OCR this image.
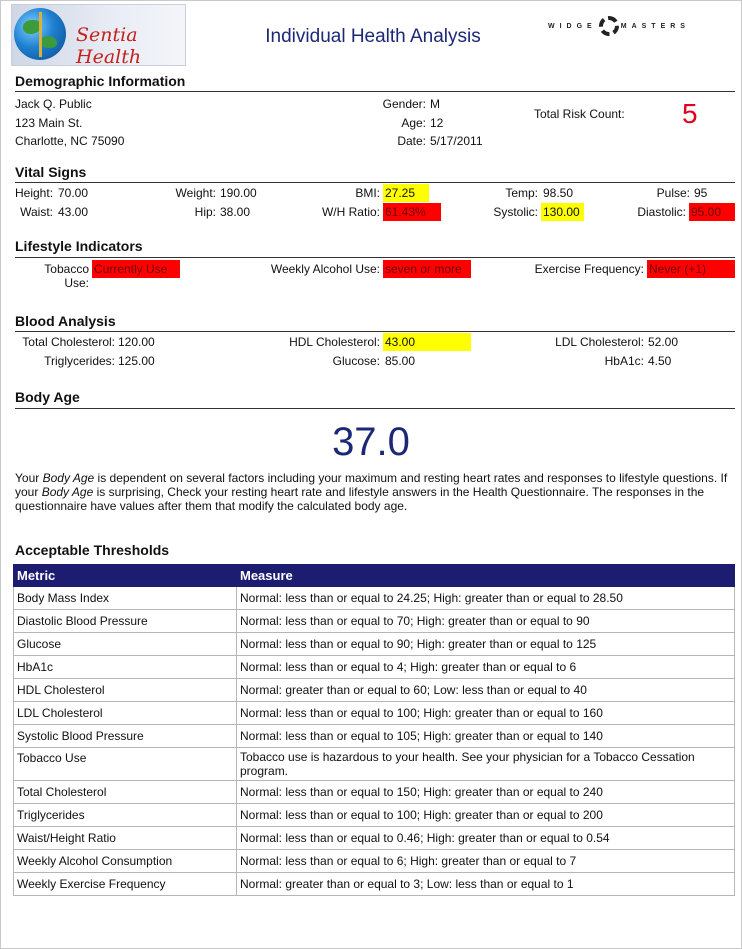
Sentia Health
Individual Health Analysis	WIDGE	MASTERS
Demographic Information
Jack Q. Public
123 Main St.
Charlotte, NC 75090
Gender: M
Age: 12
Date: 5/17/2011
Total Risk Count: 5
Vital Signs
Height: 70.00	Weight: 190.00	BMI: 27.25	Temp: 98.50	Pulse: 95
Waist: 43.00	Hip: 38.00	W/H Ratio: 61.43%	Systolic: 130.00	Diastolic: 95.00
Lifestyle Indicators
Tobacco
Use:
Currently Use	Weekly Alcohol Use: seven or more	Exercise Frequency: Never (+1)
Blood Analysis
Total Cholesterol: 120.00	HDL Cholesterol: 43.00	LDL Cholesterol: 52.00
Triglycerides: 125.00	Glucose: 85.00	HbA1c: 4.50
Body Age
37.0
Your Body Age is dependent on several factors including your maximum and resting heart rates and responses to lifestyle questions. If your Body Age is surprising, Check your resting heart rate and lifestyle answers in the Health Questionnaire. The responses in the questionnaire have values after them that modify the calculated body age.
Acceptable Thresholds
Metric	Measure
Body Mass Index	Normal: less than or equal to 24.25; High: greater than or equal to 28.50
Diastolic Blood Pressure	Normal: less than or equal to 70; High: greater than or equal to 90
Glucose	Normal: less than or equal to 90; High: greater than or equal to 125
HbA1c	Normal: less than or equal to 4; High: greater than or equal to 6
HDL Cholesterol	Normal: greater than or equal to 60; Low: less than or equal to 40
LDL Cholesterol	Normal: less than or equal to 100; High: greater than or equal to 160
Systolic Blood Pressure	Normal: less than or equal to 105; High: greater than or equal to 140
Tobacco Use	Tobacco use is hazardous to your health. See your physician for a Tobacco Cessation program.
Total Cholesterol	Normal: less than or equal to 150; High: greater than or equal to 240
Triglycerides	Normal: less than or equal to 100; High: greater than or equal to 200
Waist/Height Ratio	Normal: less than or equal to 0.46; High: greater than or equal to 0.54
Weekly Alcohol Consumption	Normal: less than or equal to 6; High: greater than or equal to 7
Weekly Exercise Frequency	Normal: greater than or equal to 3; Low: less than or equal to 1
